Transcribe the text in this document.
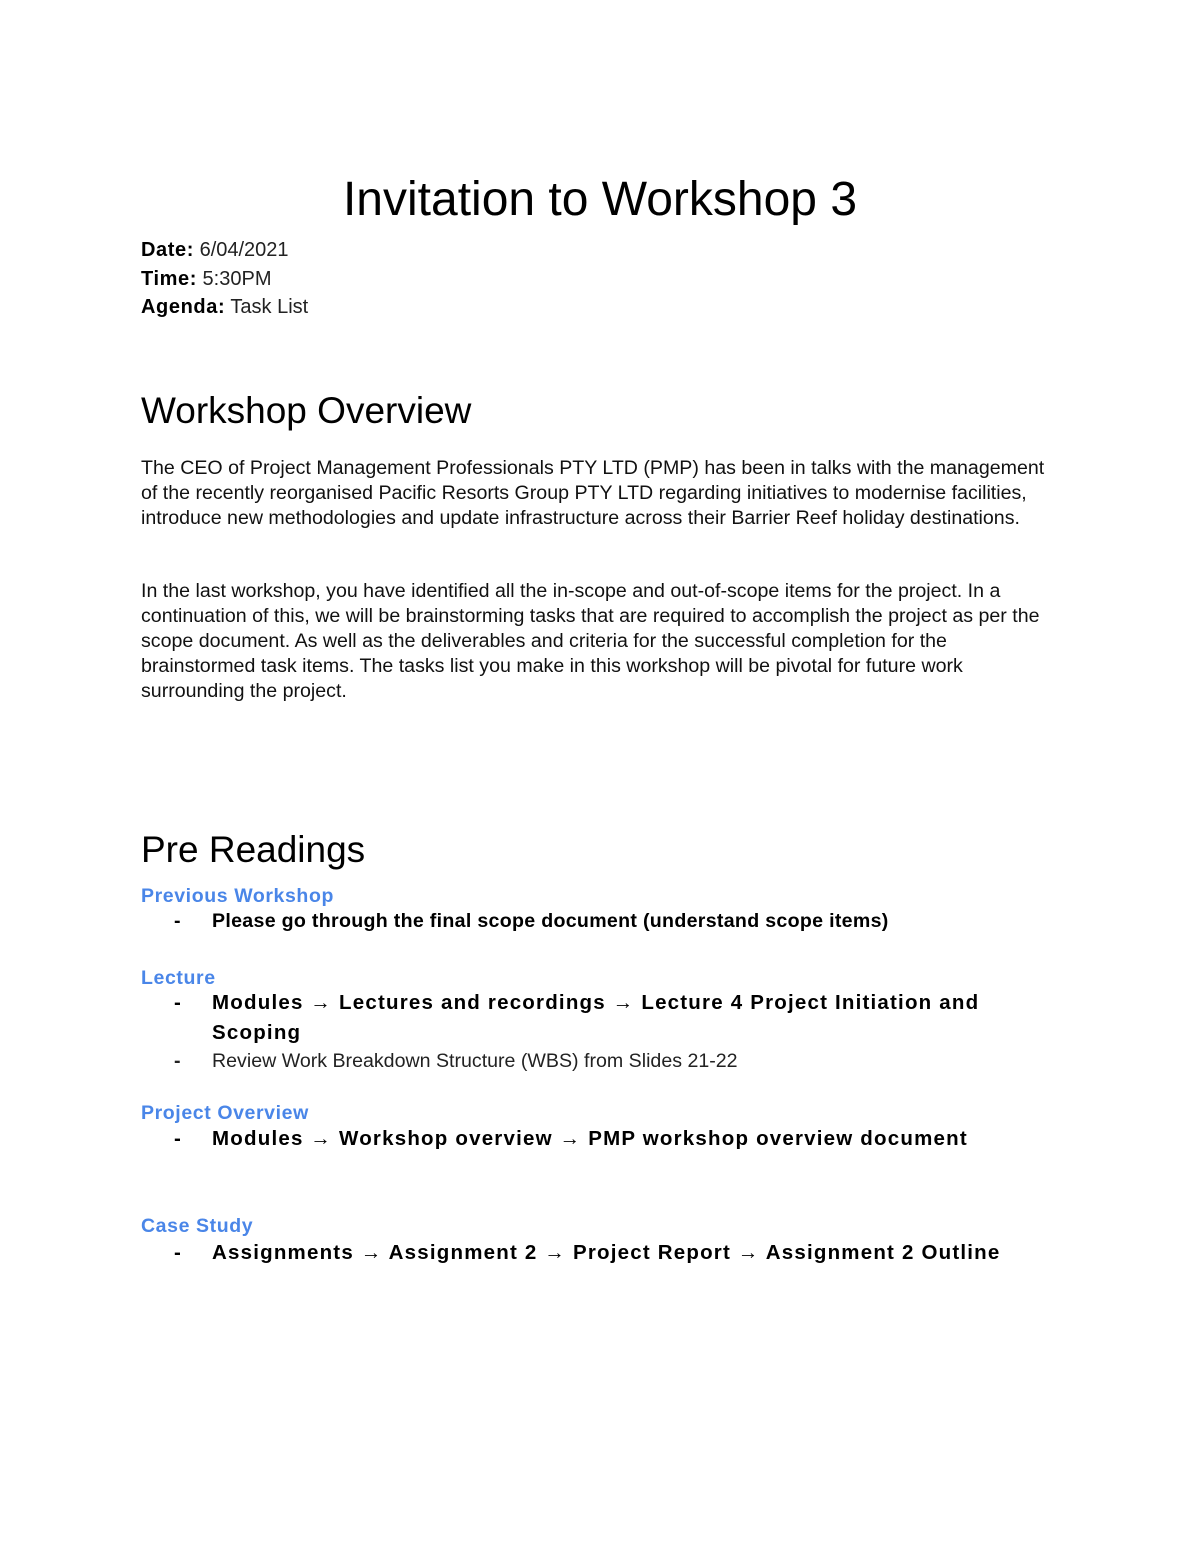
Invitation to Workshop 3
Date: 6/04/2021
Time: 5:30PM
Agenda: Task List
Workshop Overview

The CEO of Project Management Professionals PTY LTD (PMP) has been in talks with the management of the recently reorganised Pacific Resorts Group PTY LTD regarding initiatives to modernise facilities, introduce new methodologies and update infrastructure across their Barrier Reef holiday destinations.

In the last workshop, you have identified all the in-scope and out-of-scope items for the project. In a continuation of this, we will be brainstorming tasks that are required to accomplish the project as per the scope document. As well as the deliverables and criteria for the successful completion for the brainstormed task items. The tasks list you make in this workshop will be pivotal for future work surrounding the project.

Pre Readings
Previous Workshop
- Please go through the final scope document (understand scope items)
Lecture
- Modules → Lectures and recordings → Lecture 4 Project Initiation and Scoping
- Review Work Breakdown Structure (WBS) from Slides 21-22
Project Overview
- Modules → Workshop overview → PMP workshop overview document
Case Study
- Assignments → Assignment 2 → Project Report → Assignment 2 Outline
